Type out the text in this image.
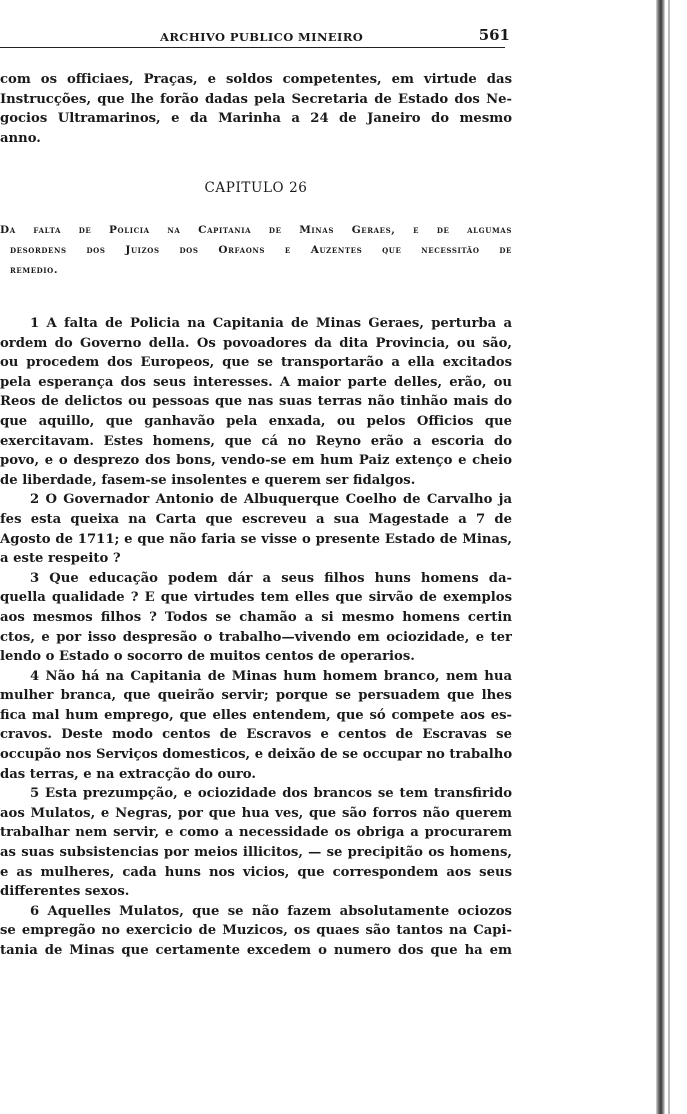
ARCHIVO PUBLICO MINEIRO	561
com os officiaes, Praças, e soldos competentes, em virtude das
Instrucções, que lhe forão dadas pela Secretaria de Estado dos Ne-
gocios Ultramarinos, e da Marinha a 24 de Janeiro do mesmo
anno.
CAPITULO 26
Da falta de Policia na Capitania de Minas Geraes, e de algumas
desordens dos Juizos dos Orfaons e Auzentes que necessitão de
remedio.
1 A falta de Policia na Capitania de Minas Geraes, perturba a
ordem do Governo della. Os povoadores da dita Provincia, ou são,
ou procedem dos Europeos, que se transportarão a ella excitados
pela esperança dos seus interesses. A maior parte delles, erão, ou
Reos de delictos ou pessoas que nas suas terras não tinhão mais do
que aquillo, que ganhavão pela enxada, ou pelos Officios que
exercitavam. Estes homens, que cá no Reyno erão a escoria do
povo, e o desprezo dos bons, vendo-se em hum Paiz extenço e cheio
de liberdade, fasem-se insolentes e querem ser fidalgos.
2 O Governador Antonio de Albuquerque Coelho de Carvalho ja
fes esta queixa na Carta que escreveu a sua Magestade a 7 de
Agosto de 1711; e que não faria se visse o presente Estado de Minas,
a este respeito ?
3 Que educação podem dár a seus filhos huns homens da-
quella qualidade ? E que virtudes tem elles que sirvão de exemplos
aos mesmos filhos ? Todos se chamão a si mesmo homens certin
ctos, e por isso despresão o trabalho—vivendo em ociozidade, e ter
lendo o Estado o socorro de muitos centos de operarios.
4 Não há na Capitania de Minas hum homem branco, nem hua
mulher branca, que queirão servir; porque se persuadem que lhes
fica mal hum emprego, que elles entendem, que só compete aos es-
cravos. Deste modo centos de Escravos e centos de Escravas se
occupão nos Serviços domesticos, e deixão de se occupar no trabalho
das terras, e na extracção do ouro.
5 Esta prezumpção, e ociozidade dos brancos se tem transfirido
aos Mulatos, e Negras, por que hua ves, que são forros não querem
trabalhar nem servir, e como a necessidade os obriga a procurarem
as suas subsistencias por meios illicitos, — se precipitão os homens,
e as mulheres, cada huns nos vicios, que correspondem aos seus
differentes sexos.
6 Aquelles Mulatos, que se não fazem absolutamente ociozos
se empregão no exercicio de Muzicos, os quaes são tantos na Capi-
tania de Minas que certamente excedem o numero dos que ha em
